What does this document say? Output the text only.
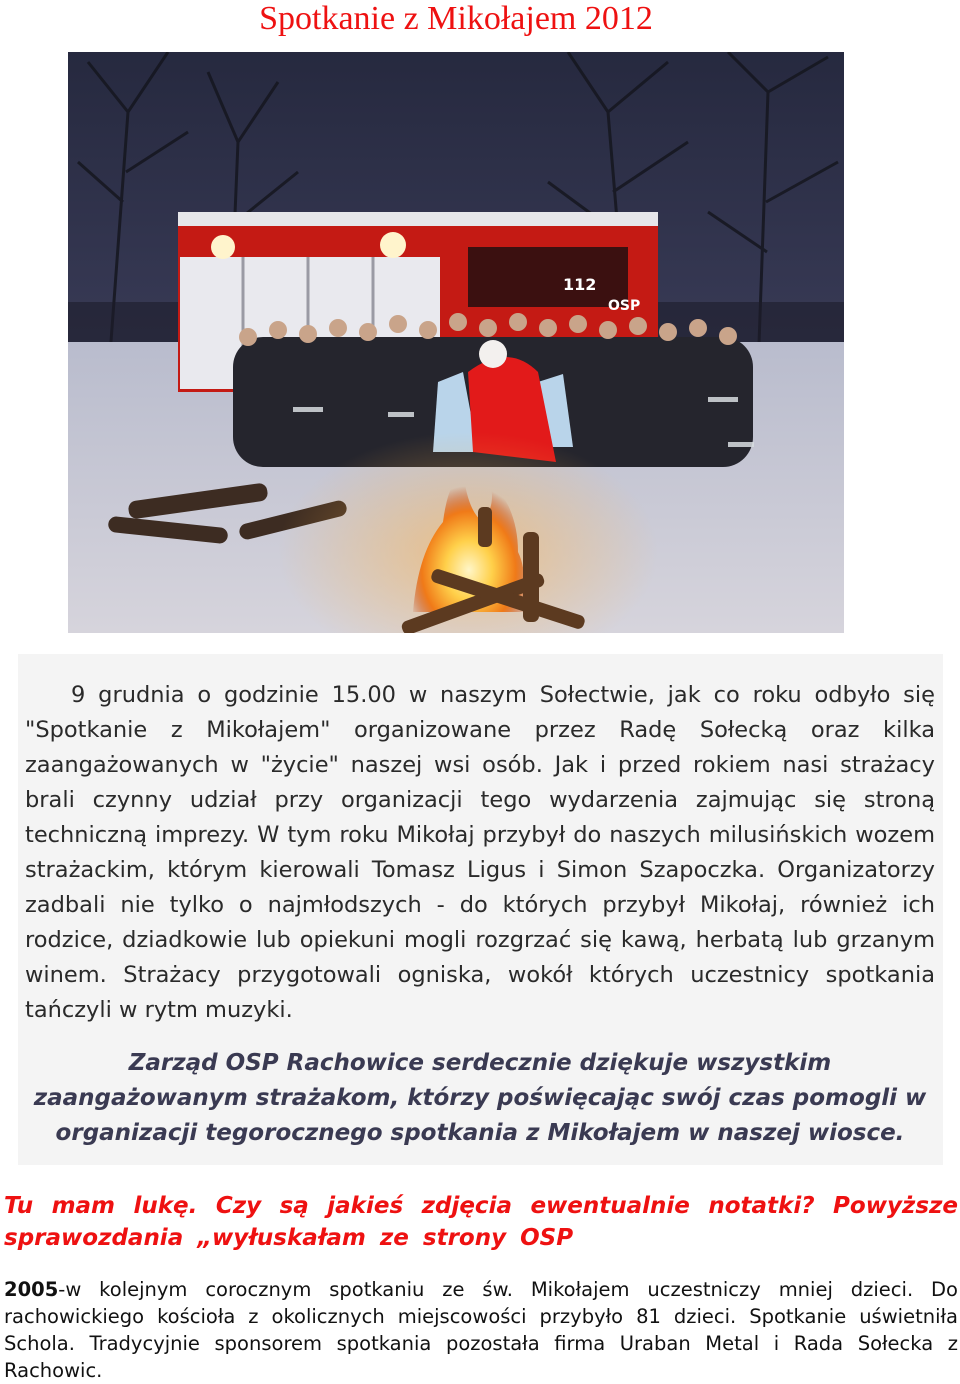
Spotkanie z Mikołajem 2012
112
OSP

9 grudnia o godzinie 15.00 w naszym Sołectwie, jak co roku odbyło się "Spotkanie z Mikołajem" organizowane przez Radę Sołecką oraz kilka zaangażowanych w "życie" naszej wsi osób. Jak i przed rokiem nasi strażacy brali czynny udział przy organizacji tego wydarzenia zajmując się stroną techniczną imprezy. W tym roku Mikołaj przybył do naszych milusińskich wozem strażackim, którym kierowali Tomasz Ligus i Simon Szapoczka. Organizatorzy zadbali nie tylko o najmłodszych - do których przybył Mikołaj, również ich rodzice, dziadkowie lub opiekuni mogli rozgrzać się kawą, herbatą lub grzanym winem. Strażacy przygotowali ogniska, wokół których uczestnicy spotkania tańczyli w rytm muzyki.

Zarząd OSP Rachowice serdecznie dziękuje wszystkim zaangażowanym strażakom, którzy poświęcając swój czas pomogli w organizacji tegorocznego spotkania z Mikołajem w naszej wiosce.

Tu mam lukę. Czy są jakieś zdjęcia ewentualnie notatki? Powyższe sprawozdania „wyłuskałam ze strony OSP

2005-w kolejnym corocznym spotkaniu ze św. Mikołajem uczestniczy mniej dzieci. Do rachowickiego kościoła z okolicznych miejscowości przybyło 81 dzieci. Spotkanie uświetniła Schola. Tradycyjnie sponsorem spotkania pozostała firma Uraban Metal i Rada Sołecka z Rachowic.
